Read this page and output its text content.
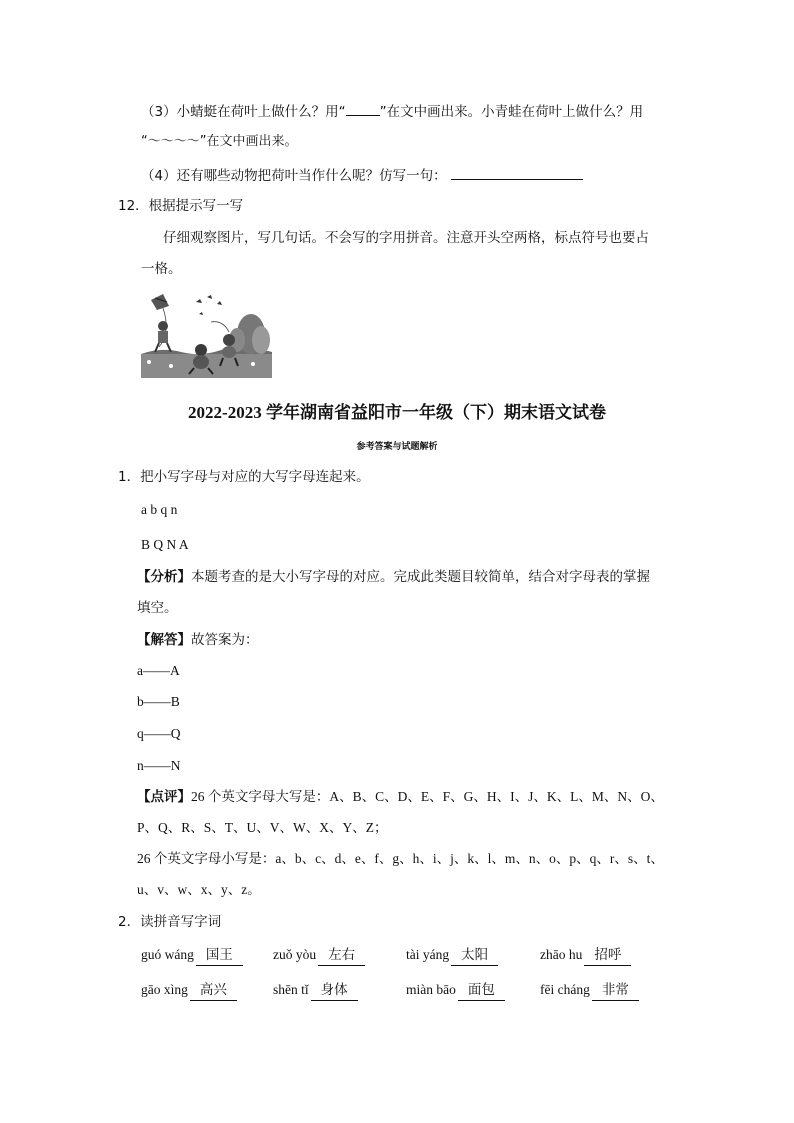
（3）小蜻蜓在荷叶上做什么？用“	”在文中画出来。小青蛙在荷叶上做什么？用
“～～～～”在文中画出来。
（4）还有哪些动物把荷叶当作什么呢？仿写一句：
12．根据提示写一写
仔细观察图片，写几句话。不会写的字用拼音。注意开头空两格，标点符号也要占
一格。
2022-2023 学年湖南省益阳市一年级（下）期末语文试卷
参考答案与试题解析
1．把小写字母与对应的大写字母连起来。
a b q n
B Q N A
【分析】本题考查的是大小写字母的对应。完成此类题目较简单，结合对字母表的掌握
填空。
【解答】故答案为：
a——A
b——B
q——Q
n——N
【点评】26 个英文字母大写是：A、B、C、D、E、F、G、H、I、J、K、L、M、N、O、
P、Q、R、S、T、U、V、W、X、Y、Z；
26 个英文字母小写是：a、b、c、d、e、f、g、h、i、j、k、l、m、n、o、p、q、r、s、t、
u、v、w、x、y、z。
2．读拼音写字词
guó wáng 国王	zuǒ yòu 左右	tài yáng 太阳	zhāo hu 招呼
gāo xìng 高兴	shēn tǐ 身体	miàn bāo 面包	fēi cháng 非常
